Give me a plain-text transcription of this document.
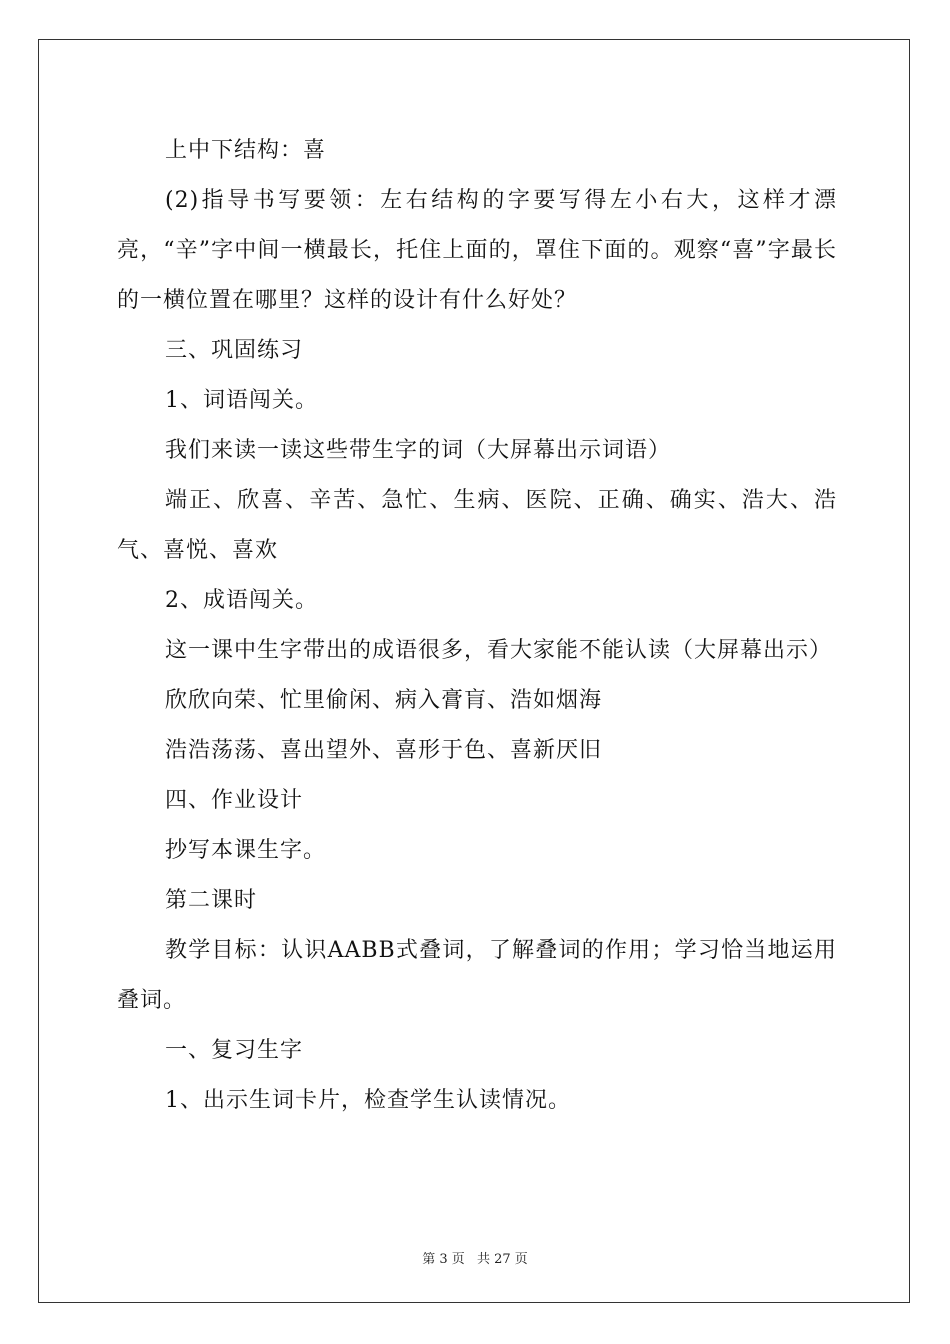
上中下结构：喜

(2)指导书写要领：左右结构的字要写得左小右大，这样才漂亮，“辛”字中间一横最长，托住上面的，罩住下面的。观察“喜”字最长的一横位置在哪里？这样的设计有什么好处？

三、巩固练习

1、词语闯关。

我们来读一读这些带生字的词（大屏幕出示词语）

端正、欣喜、辛苦、急忙、生病、医院、正确、确实、浩大、浩气、喜悦、喜欢

2、成语闯关。

这一课中生字带出的成语很多，看大家能不能认读（大屏幕出示）

欣欣向荣、忙里偷闲、病入膏肓、浩如烟海

浩浩荡荡、喜出望外、喜形于色、喜新厌旧

四、作业设计

抄写本课生字。

第二课时

教学目标：认识AABB式叠词，了解叠词的作用；学习恰当地运用叠词。

一、复习生字

1、出示生词卡片，检查学生认读情况。

第 3 页 共 27 页
